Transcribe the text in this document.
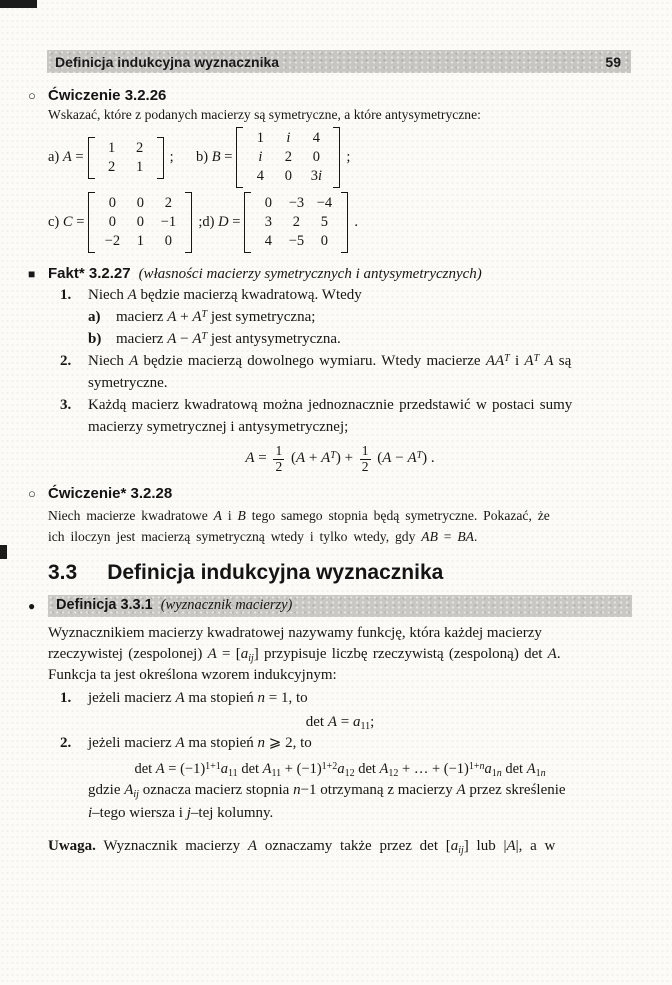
Definicja indukcyjna wyznacznika	59
○ Ćwiczenie 3.2.26

Wskazać, które z podanych macierzy są symetryczne, a które antysymetryczne:

a) A =
1	2
2	1
; b) B =
1	i	4
i	2	0
4	0	3i
;
c) C =
0	0	2
0	0	−1
−2	1	0
; d) D =
0	−3 −4
3	2	5
4	−5	0
.
■ Fakt* 3.2.27 (własności macierzy symetrycznych i antysymetrycznych)
1.	Niech A będzie macierzą kwadratową. Wtedy
a)	macierz $A + A^T$ jest symetryczna;
b) macierz $A - A^T$ jest antysymetryczna.
2.	Niech A będzie macierzą dowolnego wymiaru. Wtedy macierze $AA^T$ i $A^T$ A są
symetryczne.
3.	Każdą macierz kwadratową można jednoznacznie przedstawić w postaci sumy
macierzy symetrycznej i antysymetrycznej;
$A = \frac{1}{2} (A + A^T) + \frac{1}{2} (A - A^T)$ .
○ Ćwiczenie* 3.2.28

Niech macierze kwadratowe A i B tego samego stopnia będą symetryczne. Pokazać, że

ich iloczyn jest macierzą symetryczną wtedy i tylko wtedy, gdy AB = BA.

3.3 Definicja indukcyjna wyznacznika
●	Definicja 3.3.1 (wyznacznik macierzy)

Wyznacznikiem macierzy kwadratowej nazywamy funkcję, która każdej macierzy

rzeczywistej (zespolonej) $A = [a_{ij}]$ przypisuje liczbę rzeczywistą (zespoloną) det A.

Funkcja ta jest określona wzorem indukcyjnym:

1.	jeżeli macierz A ma stopień n = 1, to
$\det A = a_{11}$;
2.	jeżeli macierz A ma stopień n ⩾ 2, to
$\det A = (-1)^{1+1}a_{11}$ $\det A_{11} + (-1)^{1+2}a_{12}$ $\det A_{12}$ + … + $(-1)^{1+n}a_{1n}$ $\det A_{1n}$
gdzie $A_{ij}$ oznacza macierz stopnia n−1 otrzymaną z macierzy A przez skreślenie
i–tego wiersza i j–tej kolumny.

Uwaga. Wyznacznik macierzy A oznaczamy także przez $\det [a_{ij}]$ lub |A|, a w
